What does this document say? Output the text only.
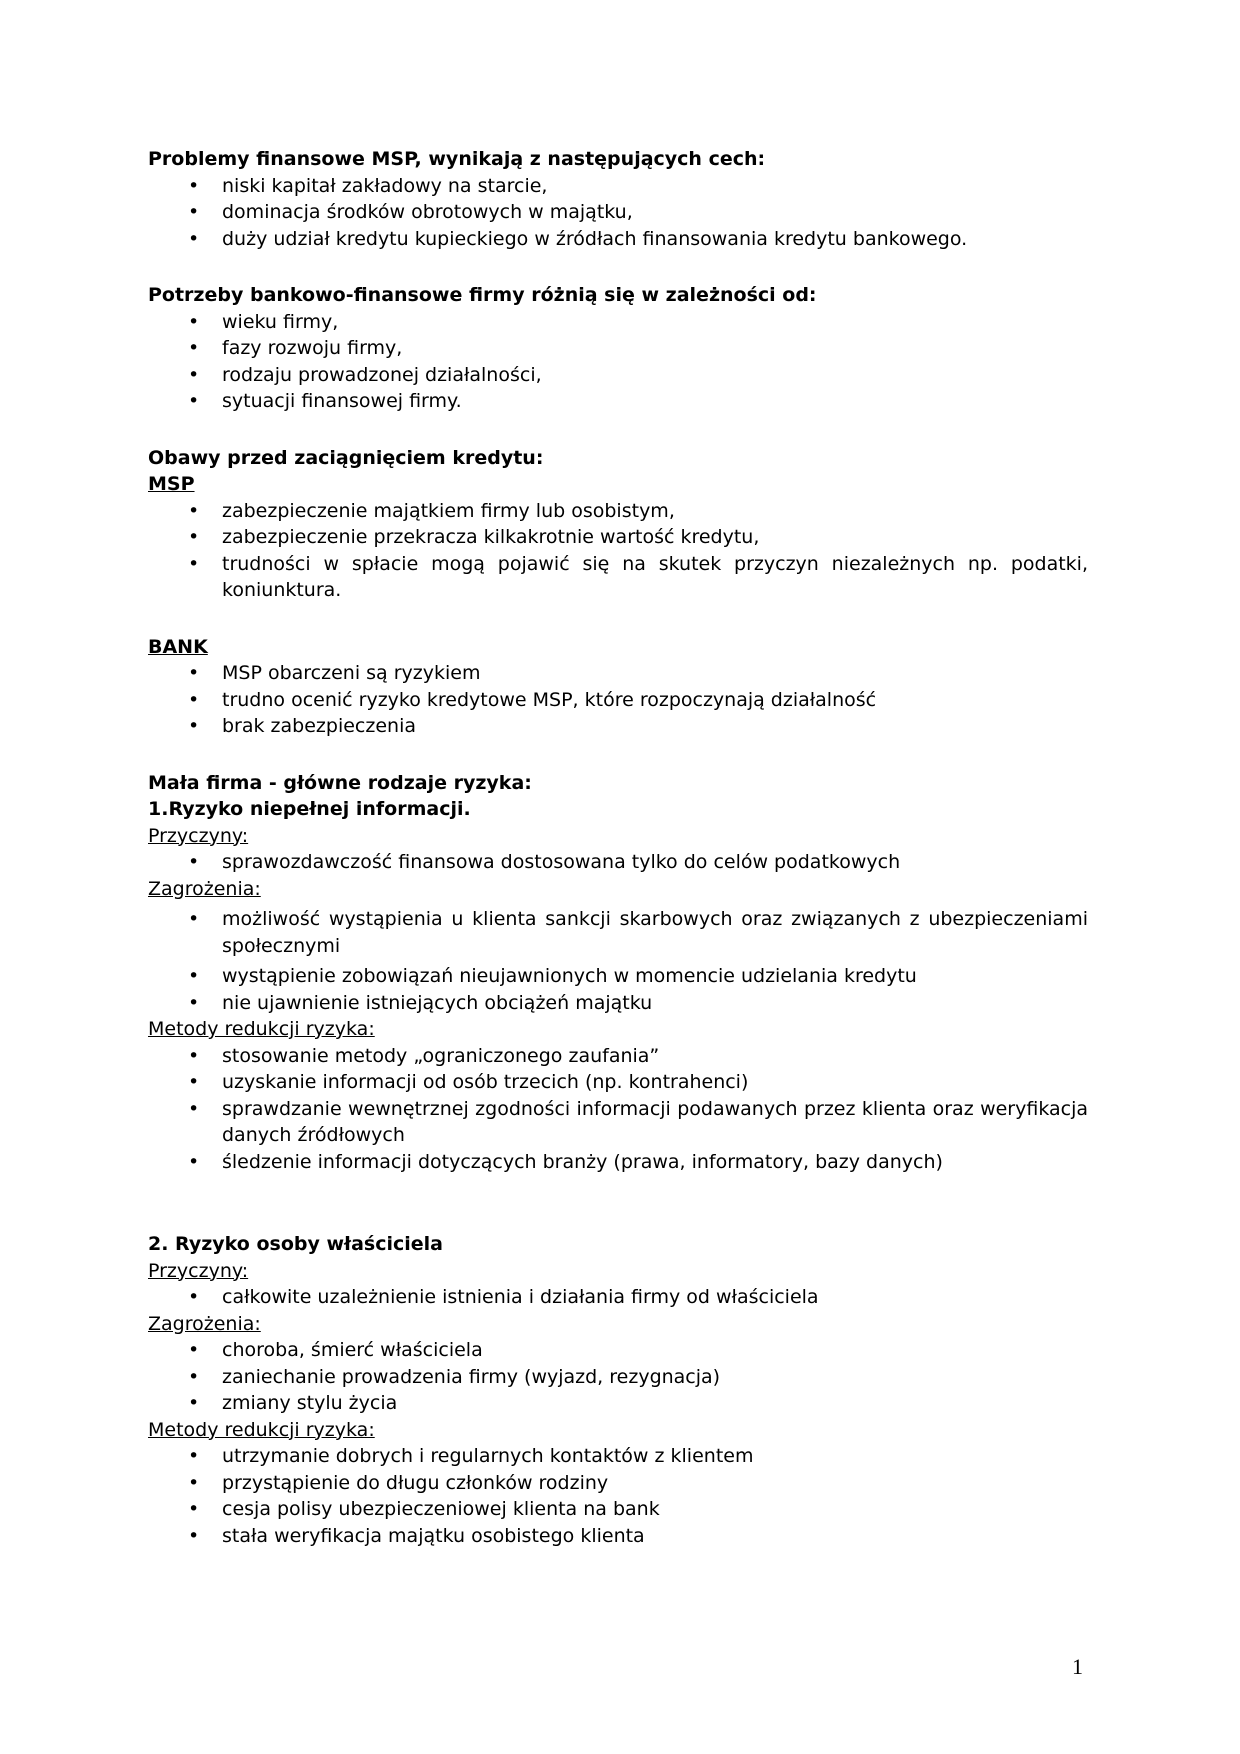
Problemy finansowe MSP, wynikają z następujących cech:
• niski kapitał zakładowy na starcie,
• dominacja środków obrotowych w majątku,
• duży udział kredytu kupieckiego w źródłach finansowania kredytu bankowego.
Potrzeby bankowo-finansowe firmy różnią się w zależności od:
• wieku firmy,
• fazy rozwoju firmy,
• rodzaju prowadzonej działalności,
• sytuacji finansowej firmy.
Obawy przed zaciągnięciem kredytu:
MSP
• zabezpieczenie majątkiem firmy lub osobistym,
• zabezpieczenie przekracza kilkakrotnie wartość kredytu,
• trudności w spłacie mogą pojawić się na skutek przyczyn niezależnych np. podatki, koniunktura.
BANK
• MSP obarczeni są ryzykiem
• trudno ocenić ryzyko kredytowe MSP, które rozpoczynają działalność
• brak zabezpieczenia
Mała firma - główne rodzaje ryzyka:
1.Ryzyko niepełnej informacji.
Przyczyny:
• sprawozdawczość finansowa dostosowana tylko do celów podatkowych
Zagrożenia:
• możliwość wystąpienia u klienta sankcji skarbowych oraz związanych z ubezpieczeniami społecznymi
• wystąpienie zobowiązań nieujawnionych w momencie udzielania kredytu
• nie ujawnienie istniejących obciążeń majątku
Metody redukcji ryzyka:
• stosowanie metody „ograniczonego zaufania”
• uzyskanie informacji od osób trzecich (np. kontrahenci)
• sprawdzanie wewnętrznej zgodności informacji podawanych przez klienta oraz weryfikacja danych źródłowych
• śledzenie informacji dotyczących branży (prawa, informatory, bazy danych)
2. Ryzyko osoby właściciela
Przyczyny:
• całkowite uzależnienie istnienia i działania firmy od właściciela
Zagrożenia:
• choroba, śmierć właściciela
• zaniechanie prowadzenia firmy (wyjazd, rezygnacja)
• zmiany stylu życia
Metody redukcji ryzyka:
• utrzymanie dobrych i regularnych kontaktów z klientem
• przystąpienie do długu członków rodziny
• cesja polisy ubezpieczeniowej klienta na bank
• stała weryfikacja majątku osobistego klienta
1
